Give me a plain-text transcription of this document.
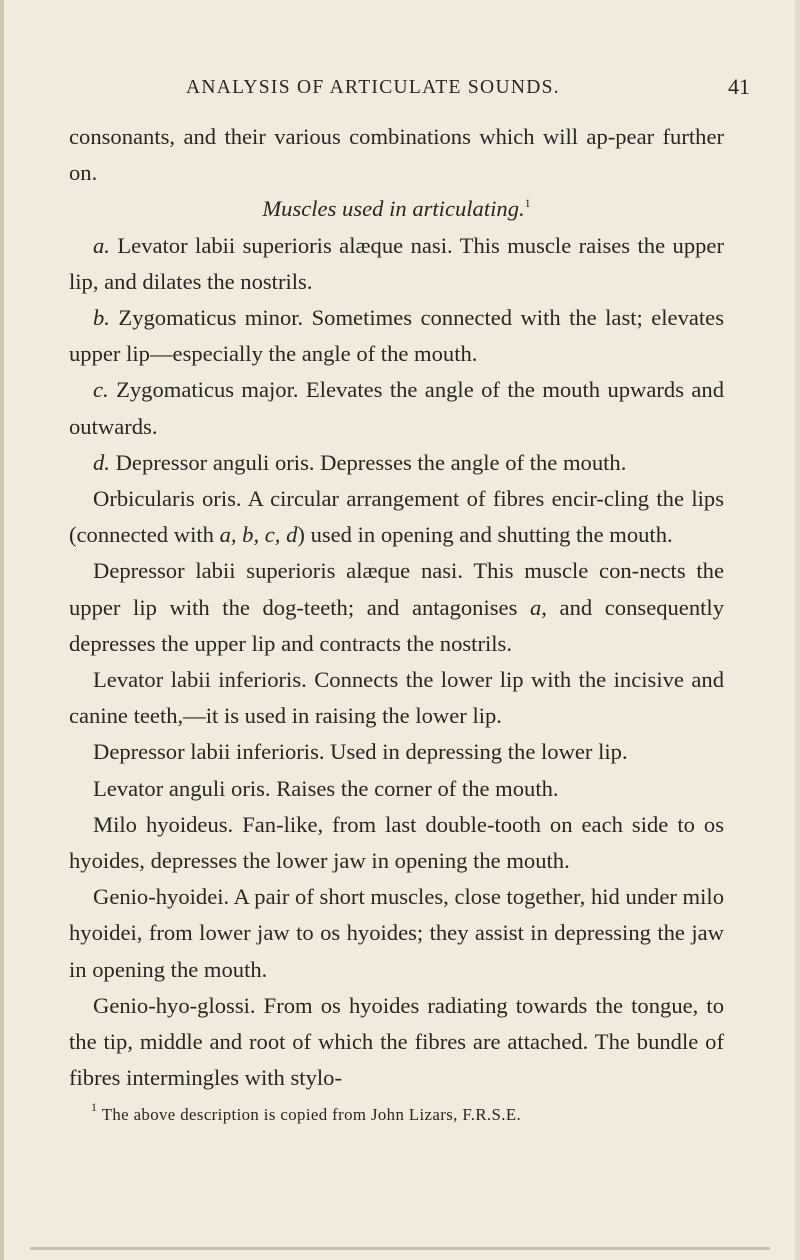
ANALYSIS OF ARTICULATE SOUNDS.	41

consonants, and their various combinations which will ap-pear further on.

Muscles used in articulating.$^1$

a. Levator labii superioris alæque nasi. This muscle raises the upper lip, and dilates the nostrils.

b. Zygomaticus minor. Sometimes connected with the last; elevates upper lip—especially the angle of the mouth.

c. Zygomaticus major. Elevates the angle of the mouth upwards and outwards.

d. Depressor anguli oris. Depresses the angle of the mouth.

Orbicularis oris. A circular arrangement of fibres encir-cling the lips (connected with a, b, c, d) used in opening and shutting the mouth.

Depressor labii superioris alæque nasi. This muscle con-nects the upper lip with the dog-teeth; and antagonises a, and consequently depresses the upper lip and contracts the nostrils.

Levator labii inferioris. Connects the lower lip with the incisive and canine teeth,—it is used in raising the lower lip.

Depressor labii inferioris. Used in depressing the lower lip.

Levator anguli oris. Raises the corner of the mouth.

Milo hyoideus. Fan-like, from last double-tooth on each side to os hyoides, depresses the lower jaw in opening the mouth.

Genio-hyoidei. A pair of short muscles, close together, hid under milo hyoidei, from lower jaw to os hyoides; they assist in depressing the jaw in opening the mouth.

Genio-hyo-glossi. From os hyoides radiating towards the tongue, to the tip, middle and root of which the fibres are attached. The bundle of fibres intermingles with stylo-

$^1$ The above description is copied from John Lizars, F.R.S.E.
